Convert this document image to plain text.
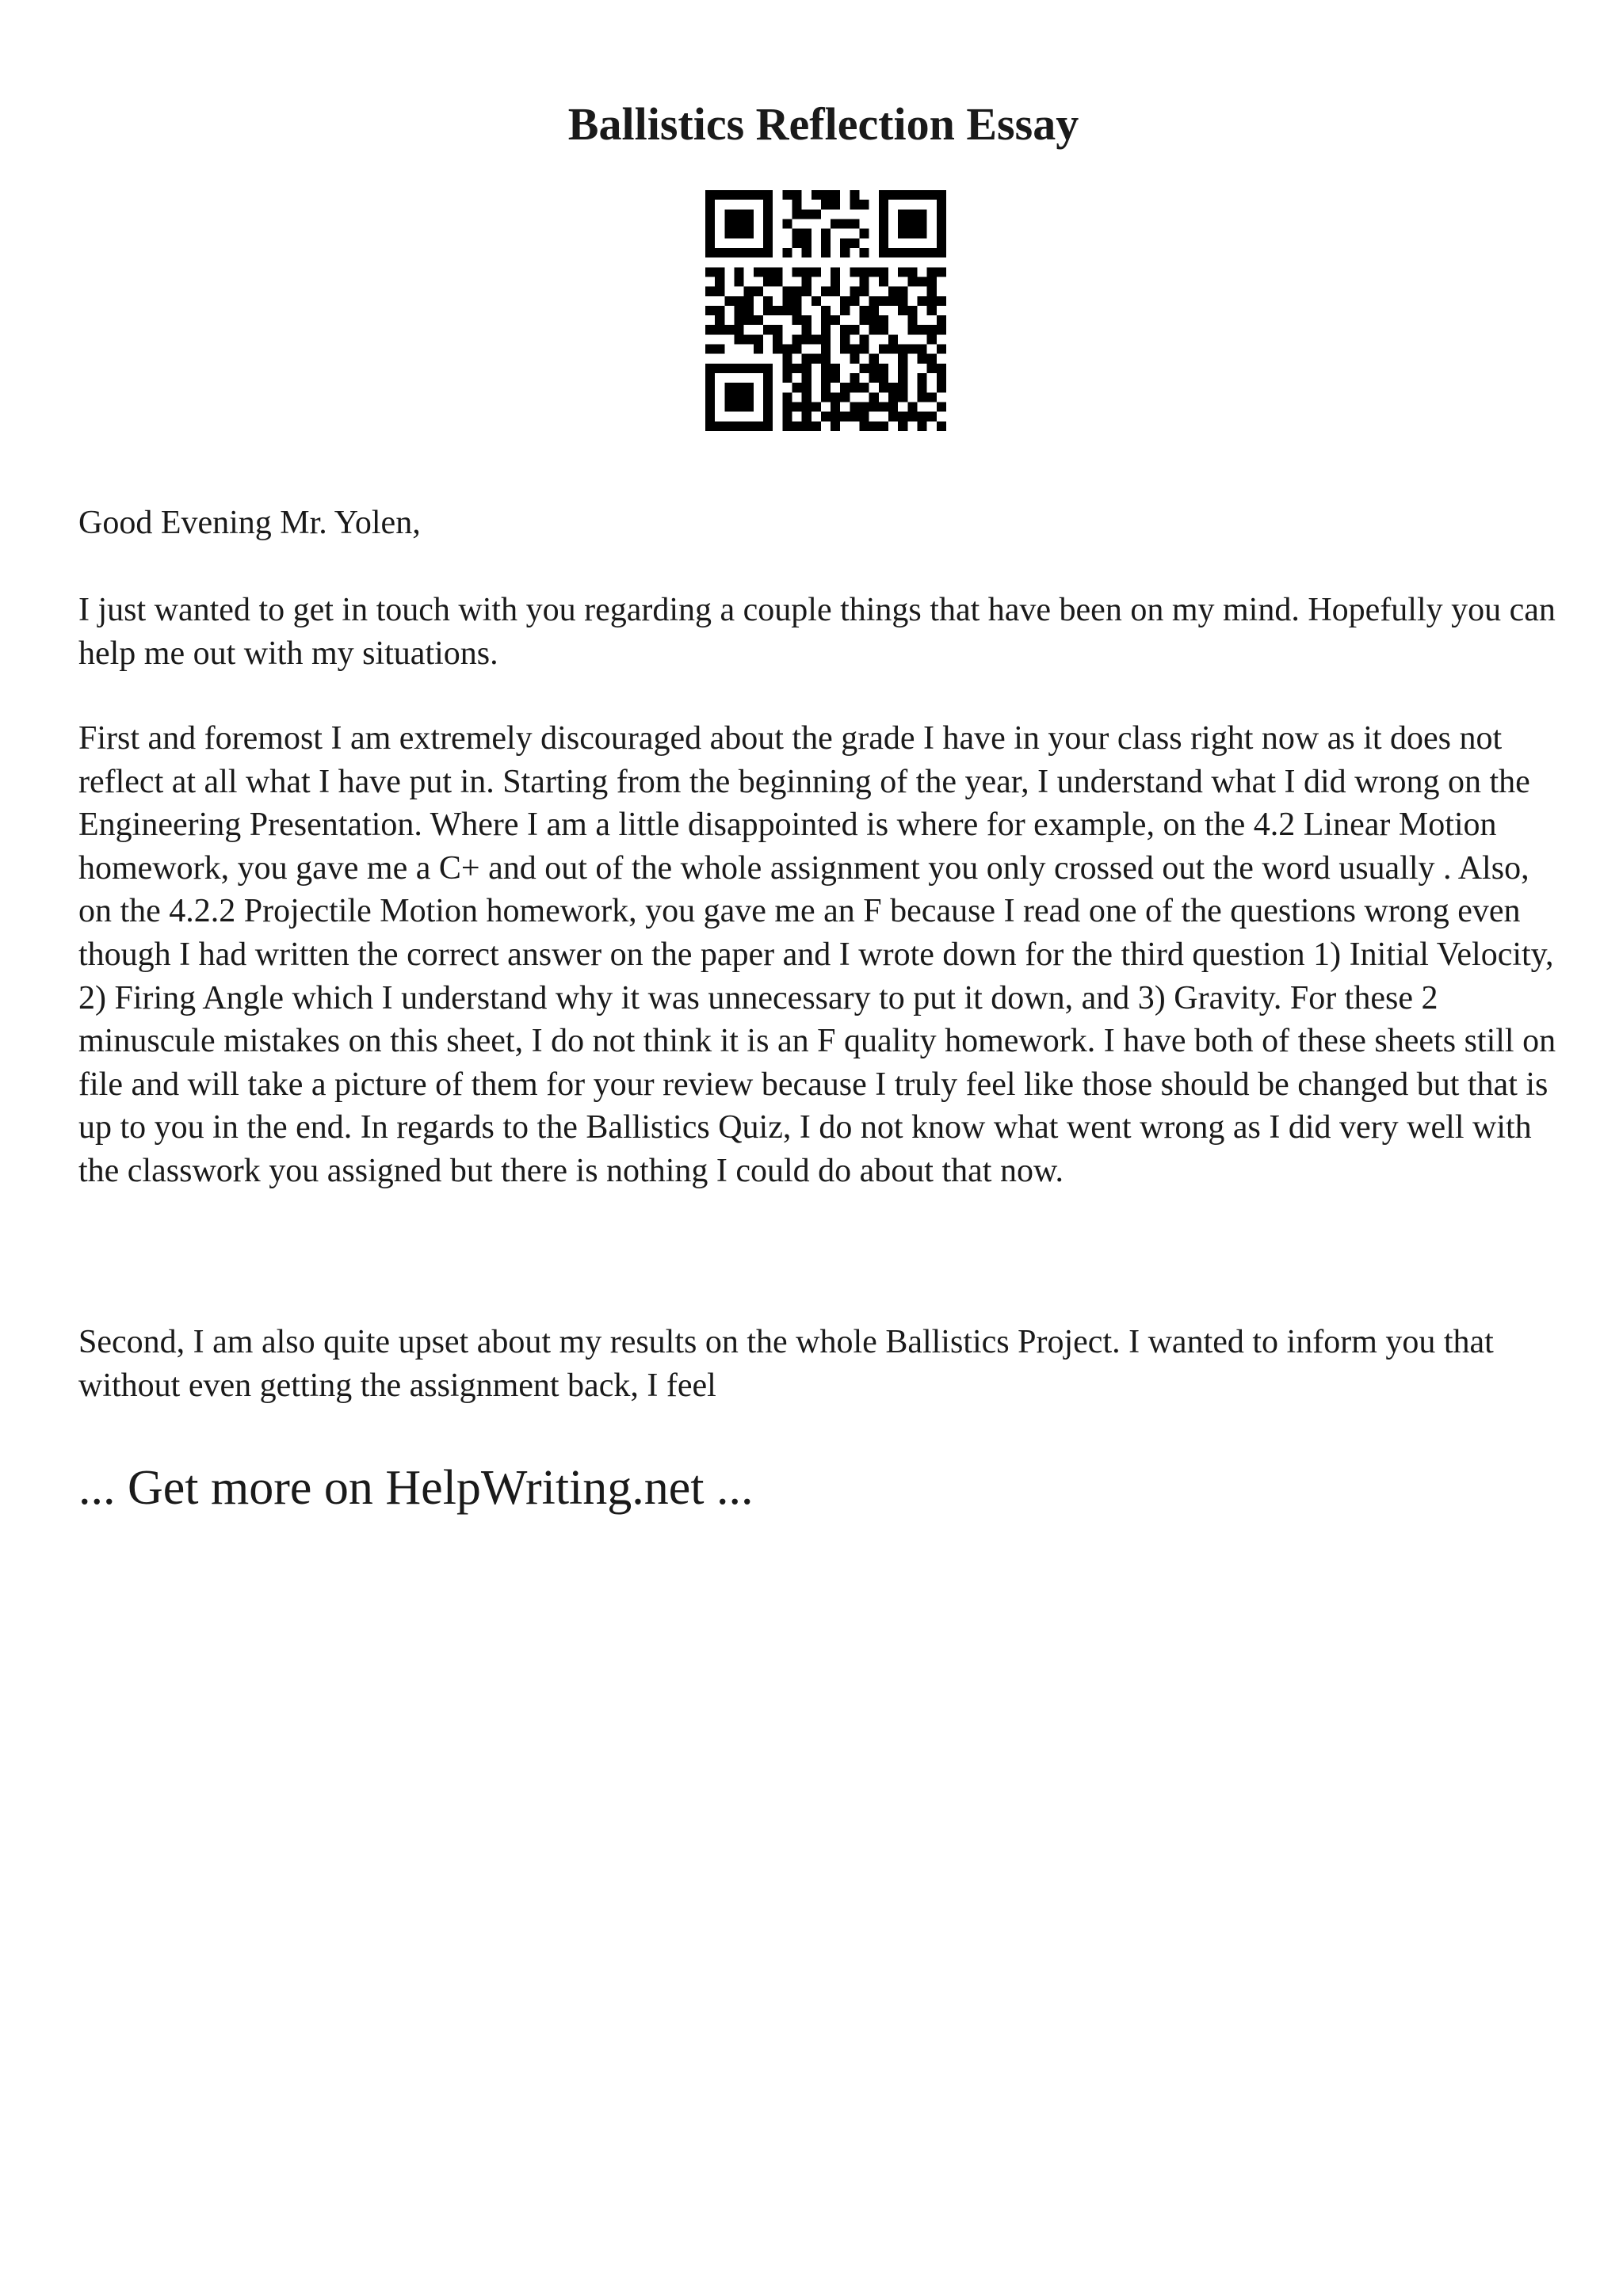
Ballistics Reflection Essay

Good Evening Mr. Yolen,

I just wanted to get in touch with you regarding a couple things that have been on my mind. Hopefully you can help me out with my situations.

First and foremost I am extremely discouraged about the grade I have in your class right now as it does not reflect at all what I have put in. Starting from the beginning of the year, I understand what I did wrong on the Engineering Presentation. Where I am a little disappointed is where for example, on the 4.2 Linear Motion homework, you gave me a C+ and out of the whole assignment you only crossed out the word usually . Also, on the 4.2.2 Projectile Motion homework, you gave me an F because I read one of the questions wrong even though I had written the correct answer on the paper and I wrote down for the third question 1) Initial Velocity, 2) Firing Angle which I understand why it was unnecessary to put it down, and 3) Gravity. For these 2 minuscule mistakes on this sheet, I do not think it is an F quality homework. I have both of these sheets still on file and will take a picture of them for your review because I truly feel like those should be changed but that is up to you in the end. In regards to the Ballistics Quiz, I do not know what went wrong as I did very well with the classwork you assigned but there is nothing I could do about that now.

Second, I am also quite upset about my results on the whole Ballistics Project. I wanted to inform you that without even getting the assignment back, I feel

... Get more on HelpWriting.net ...
